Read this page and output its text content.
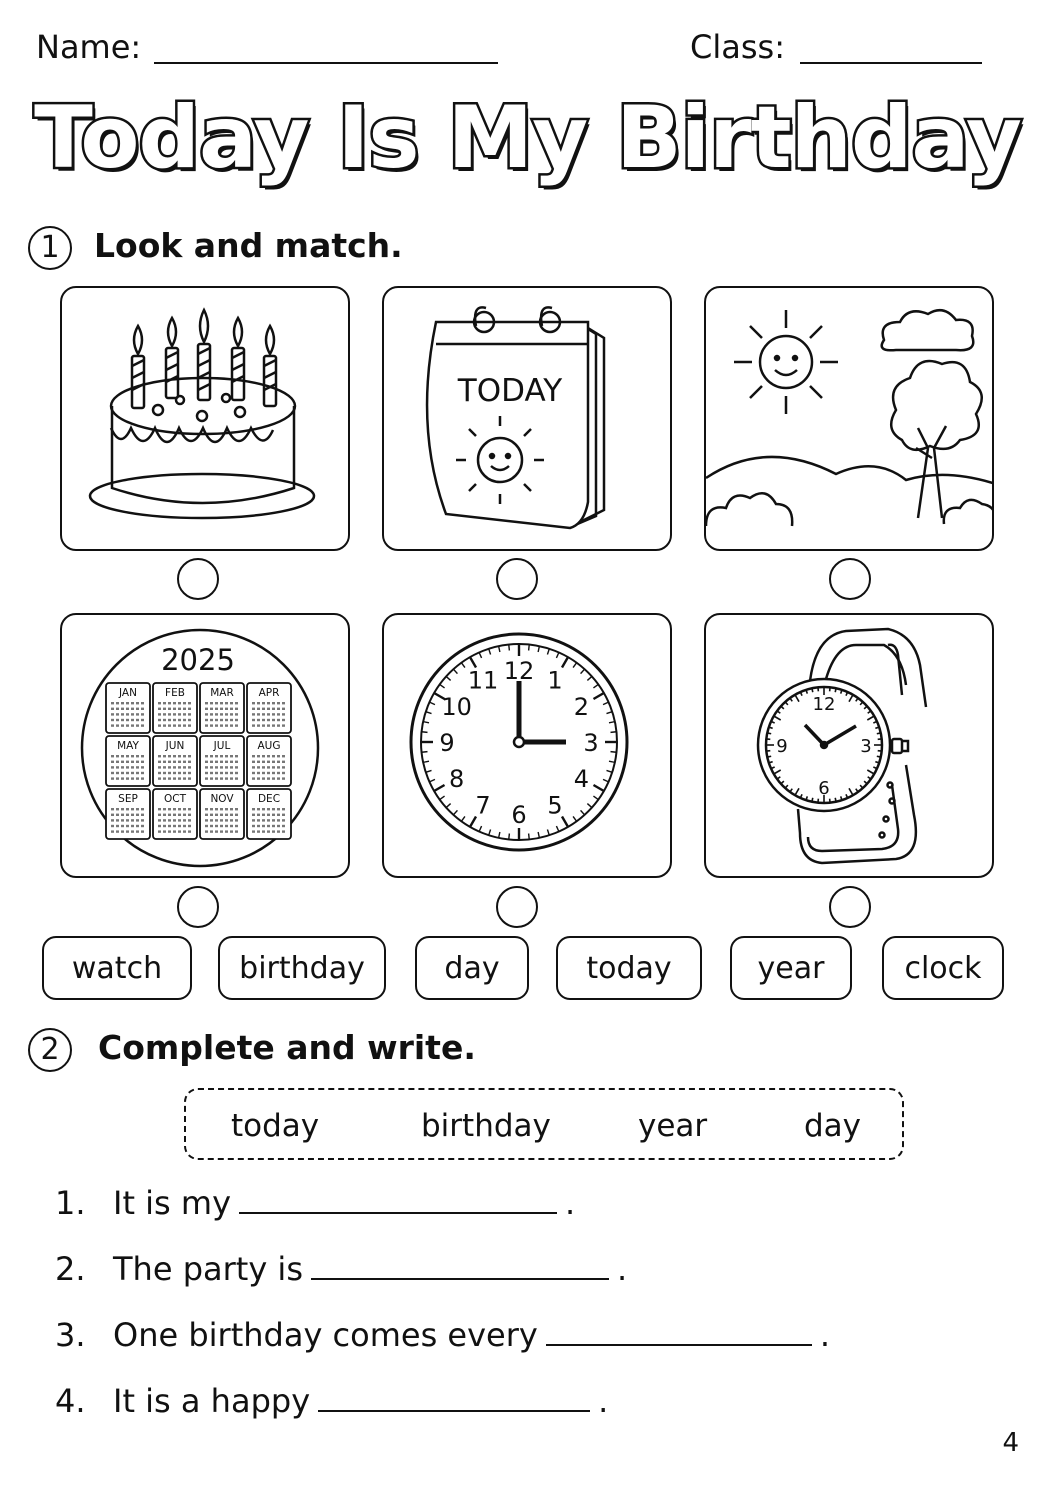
Name:	Class:
Today Is My Birthday
1	Look and match.
TODAY
2025
JAN	FEB MAR APR
MAY	JUN	JUL	AUG
SEP OCT NOV DEC
12 1
2
3
4
5
6
7
8
9
10
11
12
3
6
9
watch	birthday	day	today	year	clock
2	Complete and write.
today	birthday	year	day
1. It is my	.
2. The party is	.
3. One birthday comes every	.
4. It is a happy	.
4
